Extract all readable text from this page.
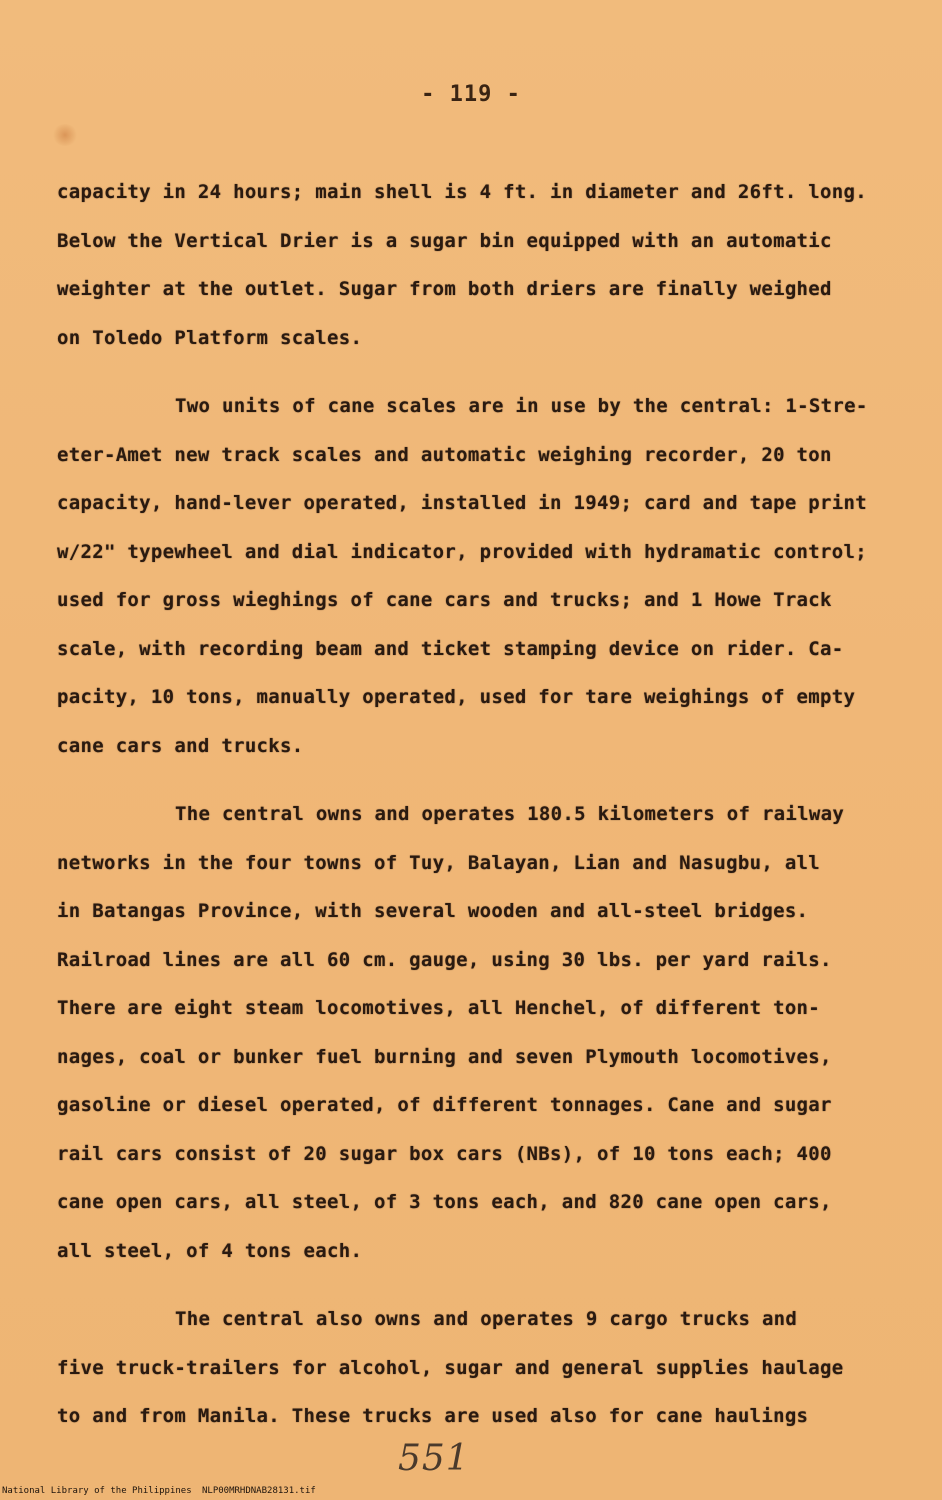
- 119 -
capacity in 24 hours; main shell is 4 ft. in diameter and 26ft. long.
Below the Vertical Drier is a sugar bin equipped with an automatic
weighter at the outlet. Sugar from both driers are finally weighed
on Toledo Platform scales.
Two units of cane scales are in use by the central: 1-Stre-
eter-Amet new track scales and automatic weighing recorder, 20 ton
capacity, hand-lever operated, installed in 1949; card and tape print
w/22" typewheel and dial indicator, provided with hydramatic control;
used for gross wieghings of cane cars and trucks; and 1 Howe Track
scale, with recording beam and ticket stamping device on rider. Ca-
pacity, 10 tons, manually operated, used for tare weighings of empty
cane cars and trucks.
The central owns and operates 180.5 kilometers of railway
networks in the four towns of Tuy, Balayan, Lian and Nasugbu, all
in Batangas Province, with several wooden and all-steel bridges.
Railroad lines are all 60 cm. gauge, using 30 lbs. per yard rails.
There are eight steam locomotives, all Henchel, of different ton-
nages, coal or bunker fuel burning and seven Plymouth locomotives,
gasoline or diesel operated, of different tonnages. Cane and sugar
rail cars consist of 20 sugar box cars (NBs), of 10 tons each; 400
cane open cars, all steel, of 3 tons each, and 820 cane open cars,
all steel, of 4 tons each.
The central also owns and operates 9 cargo trucks and
five truck-trailers for alcohol, sugar and general supplies haulage
to and from Manila. These trucks are used also for cane haulings
551
National Library of the Philippines NLP00MRHDNAB28131.tif
